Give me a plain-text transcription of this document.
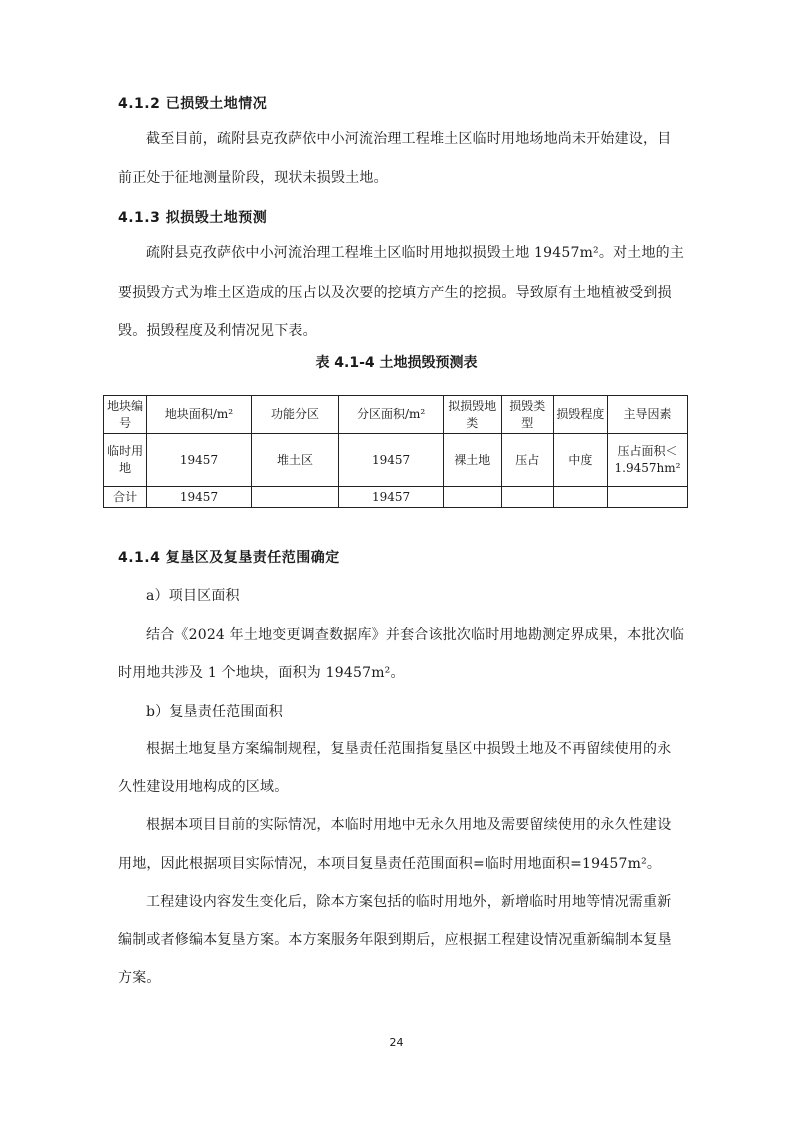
4.1.2 已损毁土地情况
截至目前，疏附县克孜萨依中小河流治理工程堆土区临时用地场地尚未开始建设，目
前正处于征地测量阶段，现状未损毁土地。
4.1.3 拟损毁土地预测
疏附县克孜萨依中小河流治理工程堆土区临时用地拟损毁土地 19457m²。对土地的主
要损毁方式为堆土区造成的压占以及次要的挖填方产生的挖损。导致原有土地植被受到损
毁。损毁程度及利情况见下表。
表 4.1-4 土地损毁预测表
地块编号	地块面积/m²	功能分区	分区面积/m²	拟损毁地类	损毁类型	损毁程度	主导因素
临时用地	19457	堆土区	19457	裸土地	压占	中度	压占面积＜1.9457hm²
合计	19457		19457				
4.1.4 复垦区及复垦责任范围确定
a）项目区面积
结合《2024 年土地变更调查数据库》并套合该批次临时用地勘测定界成果，本批次临
时用地共涉及 1 个地块，面积为 19457m²。
b）复垦责任范围面积
根据土地复垦方案编制规程，复垦责任范围指复垦区中损毁土地及不再留续使用的永
久性建设用地构成的区域。
根据本项目目前的实际情况，本临时用地中无永久用地及需要留续使用的永久性建设
用地，因此根据项目实际情况，本项目复垦责任范围面积=临时用地面积=19457m²。
工程建设内容发生变化后，除本方案包括的临时用地外，新增临时用地等情况需重新
编制或者修编本复垦方案。本方案服务年限到期后，应根据工程建设情况重新编制本复垦
方案。
24
